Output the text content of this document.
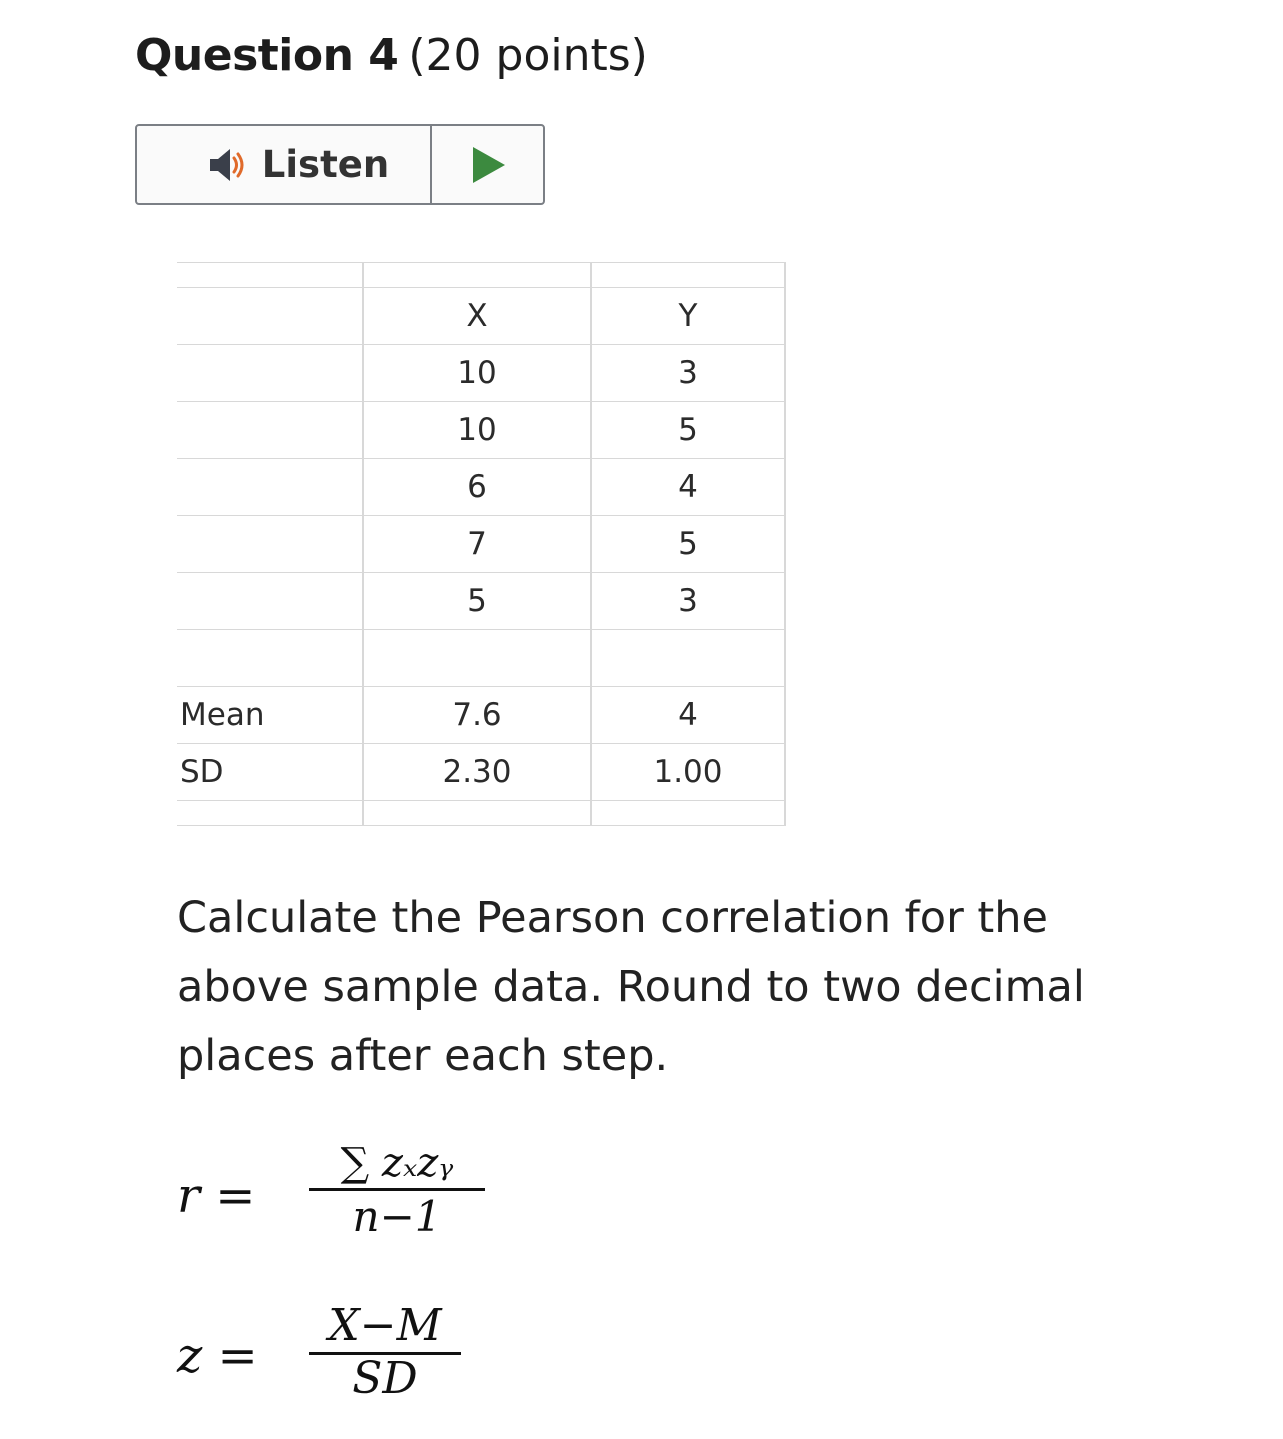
Question 4 (20 points)
Listen

	X	Y
	10	3
	10	5
	6	4
	7	5
	5	3

Mean	7.6	4
SD	2.30	1.00

Calculate the Pearson correlation for the above sample data. Round to two decimal places after each step.

r =
∑ zₓzᵧ
n−1
z =
X−M
SD
